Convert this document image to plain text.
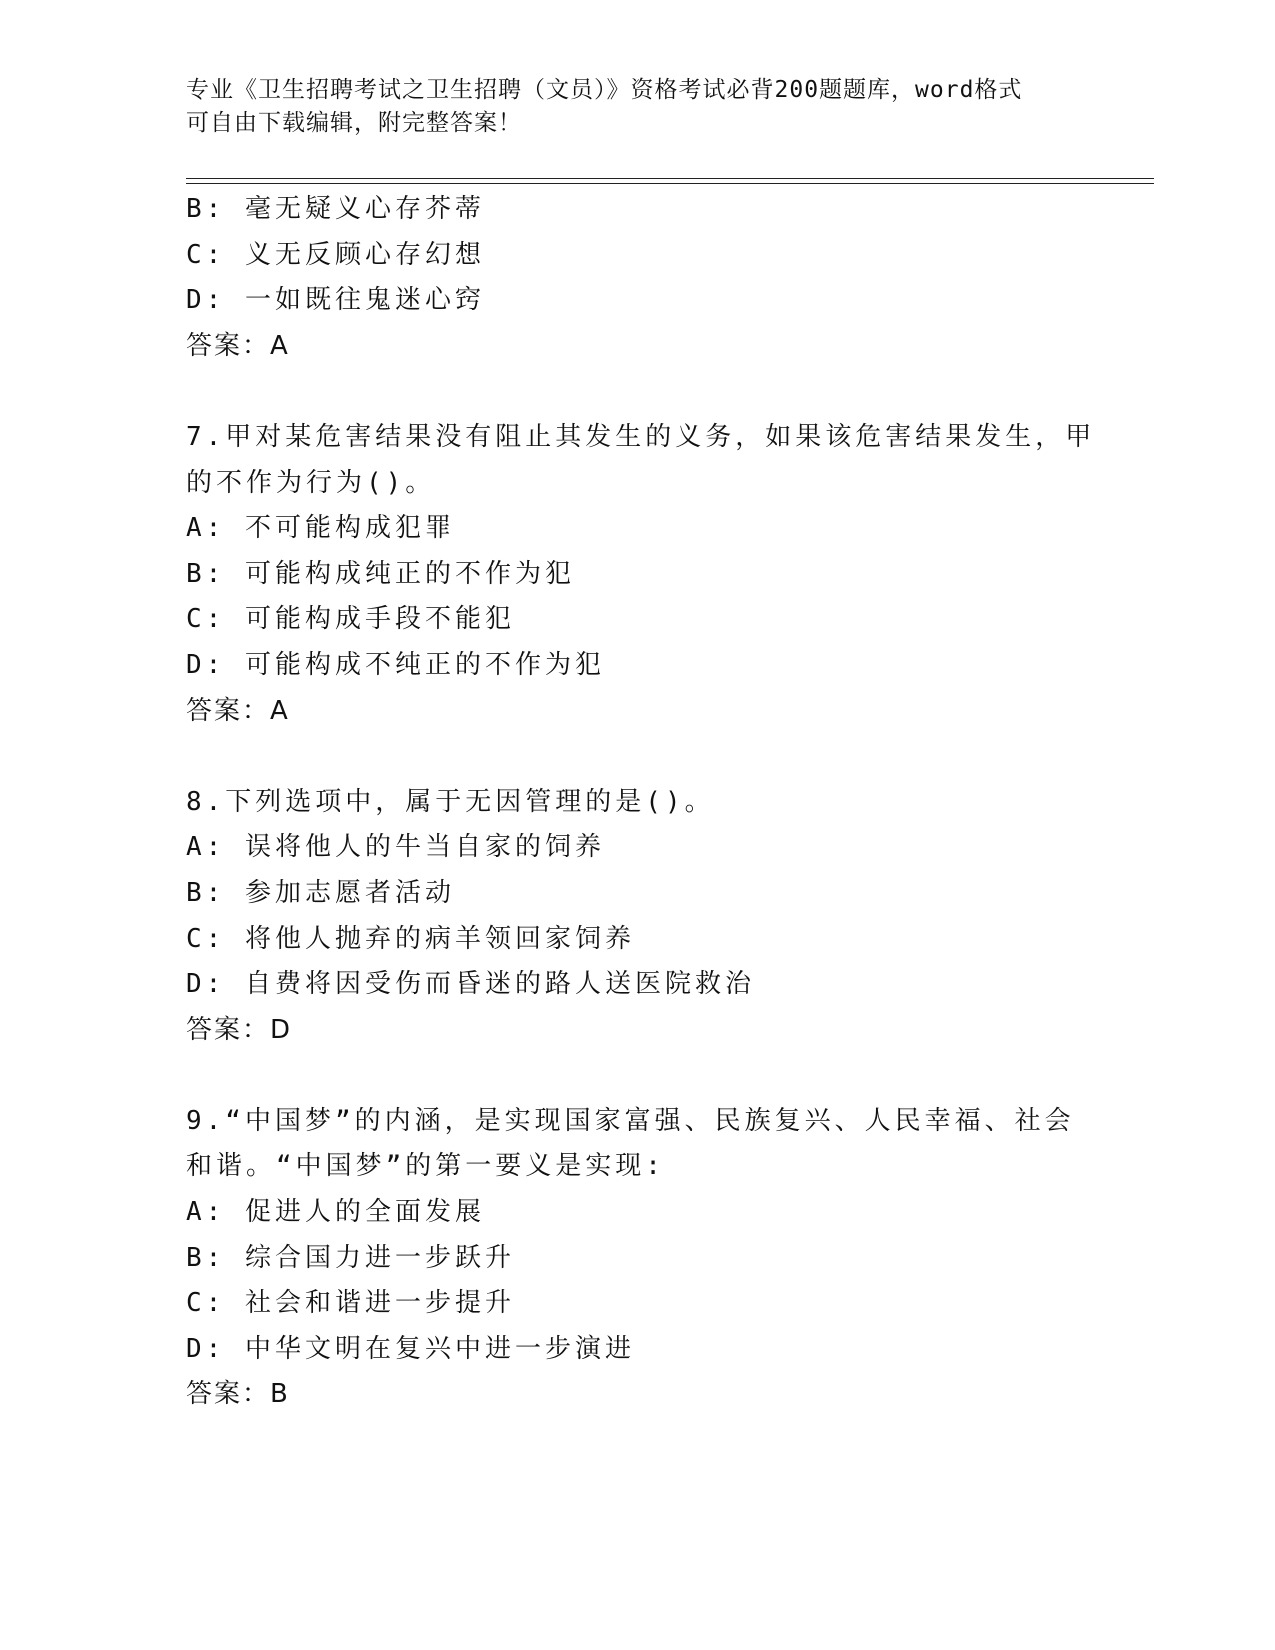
专业《卫生招聘考试之卫生招聘（文员）》资格考试必背200题题库，word格式
可自由下载编辑，附完整答案！
B: 毫无疑义心存芥蒂
C: 义无反顾心存幻想
D: 一如既往鬼迷心窍
答案：A
7.甲对某危害结果没有阻止其发生的义务，如果该危害结果发生，甲
的不作为行为()。
A: 不可能构成犯罪
B: 可能构成纯正的不作为犯
C: 可能构成手段不能犯
D: 可能构成不纯正的不作为犯
答案：A
8.下列选项中，属于无因管理的是()。
A: 误将他人的牛当自家的饲养
B: 参加志愿者活动
C: 将他人抛弃的病羊领回家饲养
D: 自费将因受伤而昏迷的路人送医院救治
答案：D
9.“中国梦”的内涵，是实现国家富强、民族复兴、人民幸福、社会
和谐。“中国梦”的第一要义是实现:
A: 促进人的全面发展
B: 综合国力进一步跃升
C: 社会和谐进一步提升
D: 中华文明在复兴中进一步演进
答案：B
